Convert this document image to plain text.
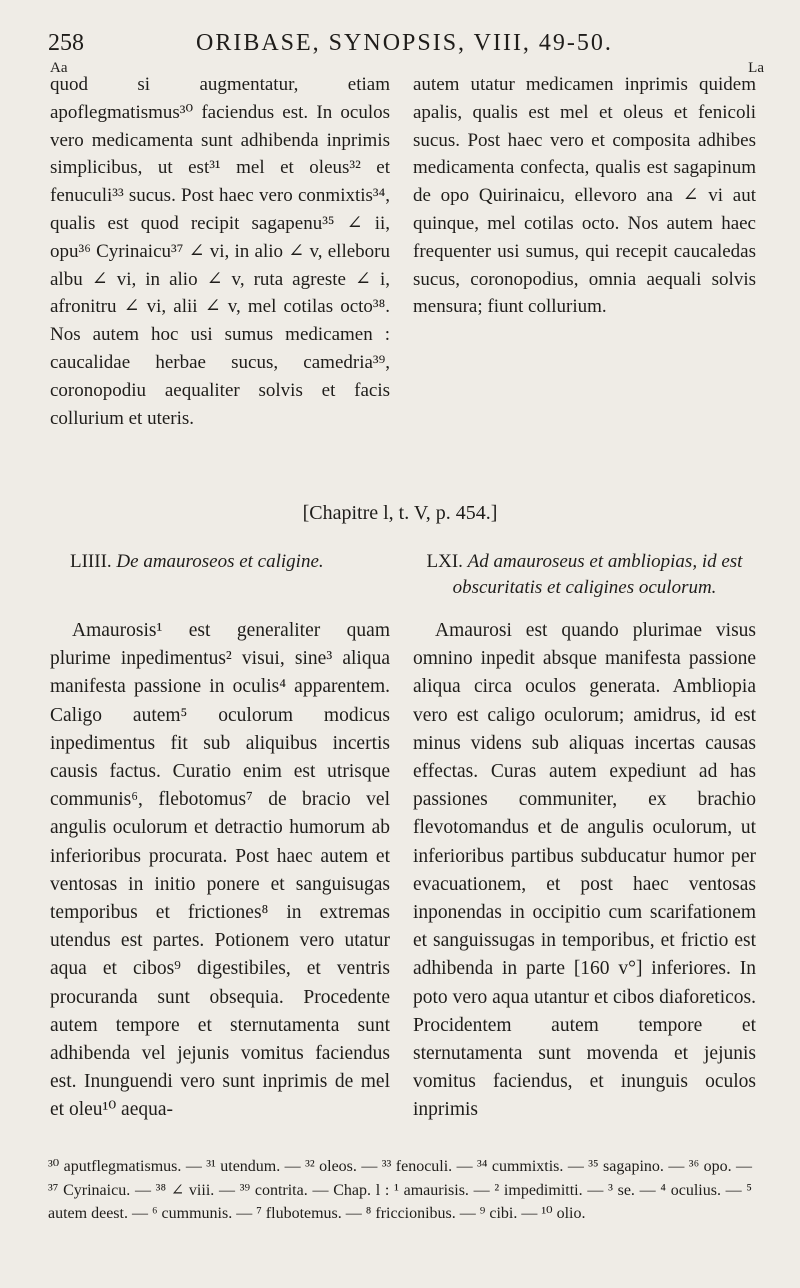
258	ORIBASE, SYNOPSIS, VIII, 49-50.
Aa	La

quod si augmentatur, etiam apoflegmatismus³⁰ faciendus est. In oculos vero medicamenta sunt adhibenda inprimis simplicibus, ut est³¹ mel et oleus³² et fenuculi³³ sucus. Post haec vero conmixtis³⁴, qualis est quod recipit sagapenu³⁵ ∠ ii, opu³⁶ Cyrinaicu³⁷ ∠ vi, in alio ∠ v, elleboru albu ∠ vi, in alio ∠ v, ruta agreste ∠ i, afronitru ∠ vi, alii ∠ v, mel cotilas octo³⁸. Nos autem hoc usi sumus medicamen : caucalidae herbae sucus, camedria³⁹, coronopodiu aequaliter solvis et facis collurium et uteris.

autem utatur medicamen inprimis quidem apalis, qualis est mel et oleus et fenicoli sucus. Post haec vero et composita adhibes medicamenta confecta, qualis est sagapinum de opo Quirinaicu, ellevoro ana ∠ vi aut quinque, mel cotilas octo. Nos autem haec frequenter usi sumus, qui recepit caucaledas sucus, coronopodius, omnia aequali solvis mensura; fiunt collurium.

[Chapitre l, t. V, p. 454.]
LIIII. De amauroseos et caligine.	LXI. Ad amauroseus et ambliopias, id est obscuritatis et caligines oculorum.

Amaurosis¹ est generaliter quam plurime inpedimentus² visui, sine³ aliqua manifesta passione in oculis⁴ apparentem. Caligo autem⁵ oculorum modicus inpedimentus fit sub aliquibus incertis causis factus. Curatio enim est utrisque communis⁶, flebotomus⁷ de bracio vel angulis oculorum et detractio humorum ab inferioribus procurata. Post haec autem et ventosas in initio ponere et sanguisugas temporibus et frictiones⁸ in extremas utendus est partes. Potionem vero utatur aqua et cibos⁹ digestibiles, et ventris procuranda sunt obsequia. Procedente autem tempore et sternutamenta sunt adhibenda vel jejunis vomitus faciendus est. Inunguendi vero sunt inprimis de mel et oleu¹⁰ aequa-

Amaurosi est quando plurimae visus omnino inpedit absque manifesta passione aliqua circa oculos generata. Ambliopia vero est caligo oculorum; amidrus, id est minus videns sub aliquas incertas causas effectas. Curas autem expediunt ad has passiones communiter, ex brachio flevotomandus et de angulis oculorum, ut inferioribus partibus subducatur humor per evacuationem, et post haec ventosas inponendas in occipitio cum scarifationem et sanguissugas in temporibus, et frictio est adhibenda in parte [160 v°] inferiores. In poto vero aqua utantur et cibos diaforeticos. Procidentem autem tempore et sternutamenta sunt movenda et jejunis vomitus faciendus, et inunguis oculos inprimis

³⁰ aputflegmatismus. — ³¹ utendum. — ³² oleos. — ³³ fenoculi. — ³⁴ cummixtis. — ³⁵ sagapino. — ³⁶ opo. — ³⁷ Cyrinaicu. — ³⁸ ∠ viii. — ³⁹ contrita. — Chap. l : ¹ amaurisis. — ² impedimitti. — ³ se. — ⁴ oculius. — ⁵ autem deest. — ⁶ cummunis. — ⁷ flubotemus. — ⁸ friccionibus. — ⁹ cibi. — ¹⁰ olio.
